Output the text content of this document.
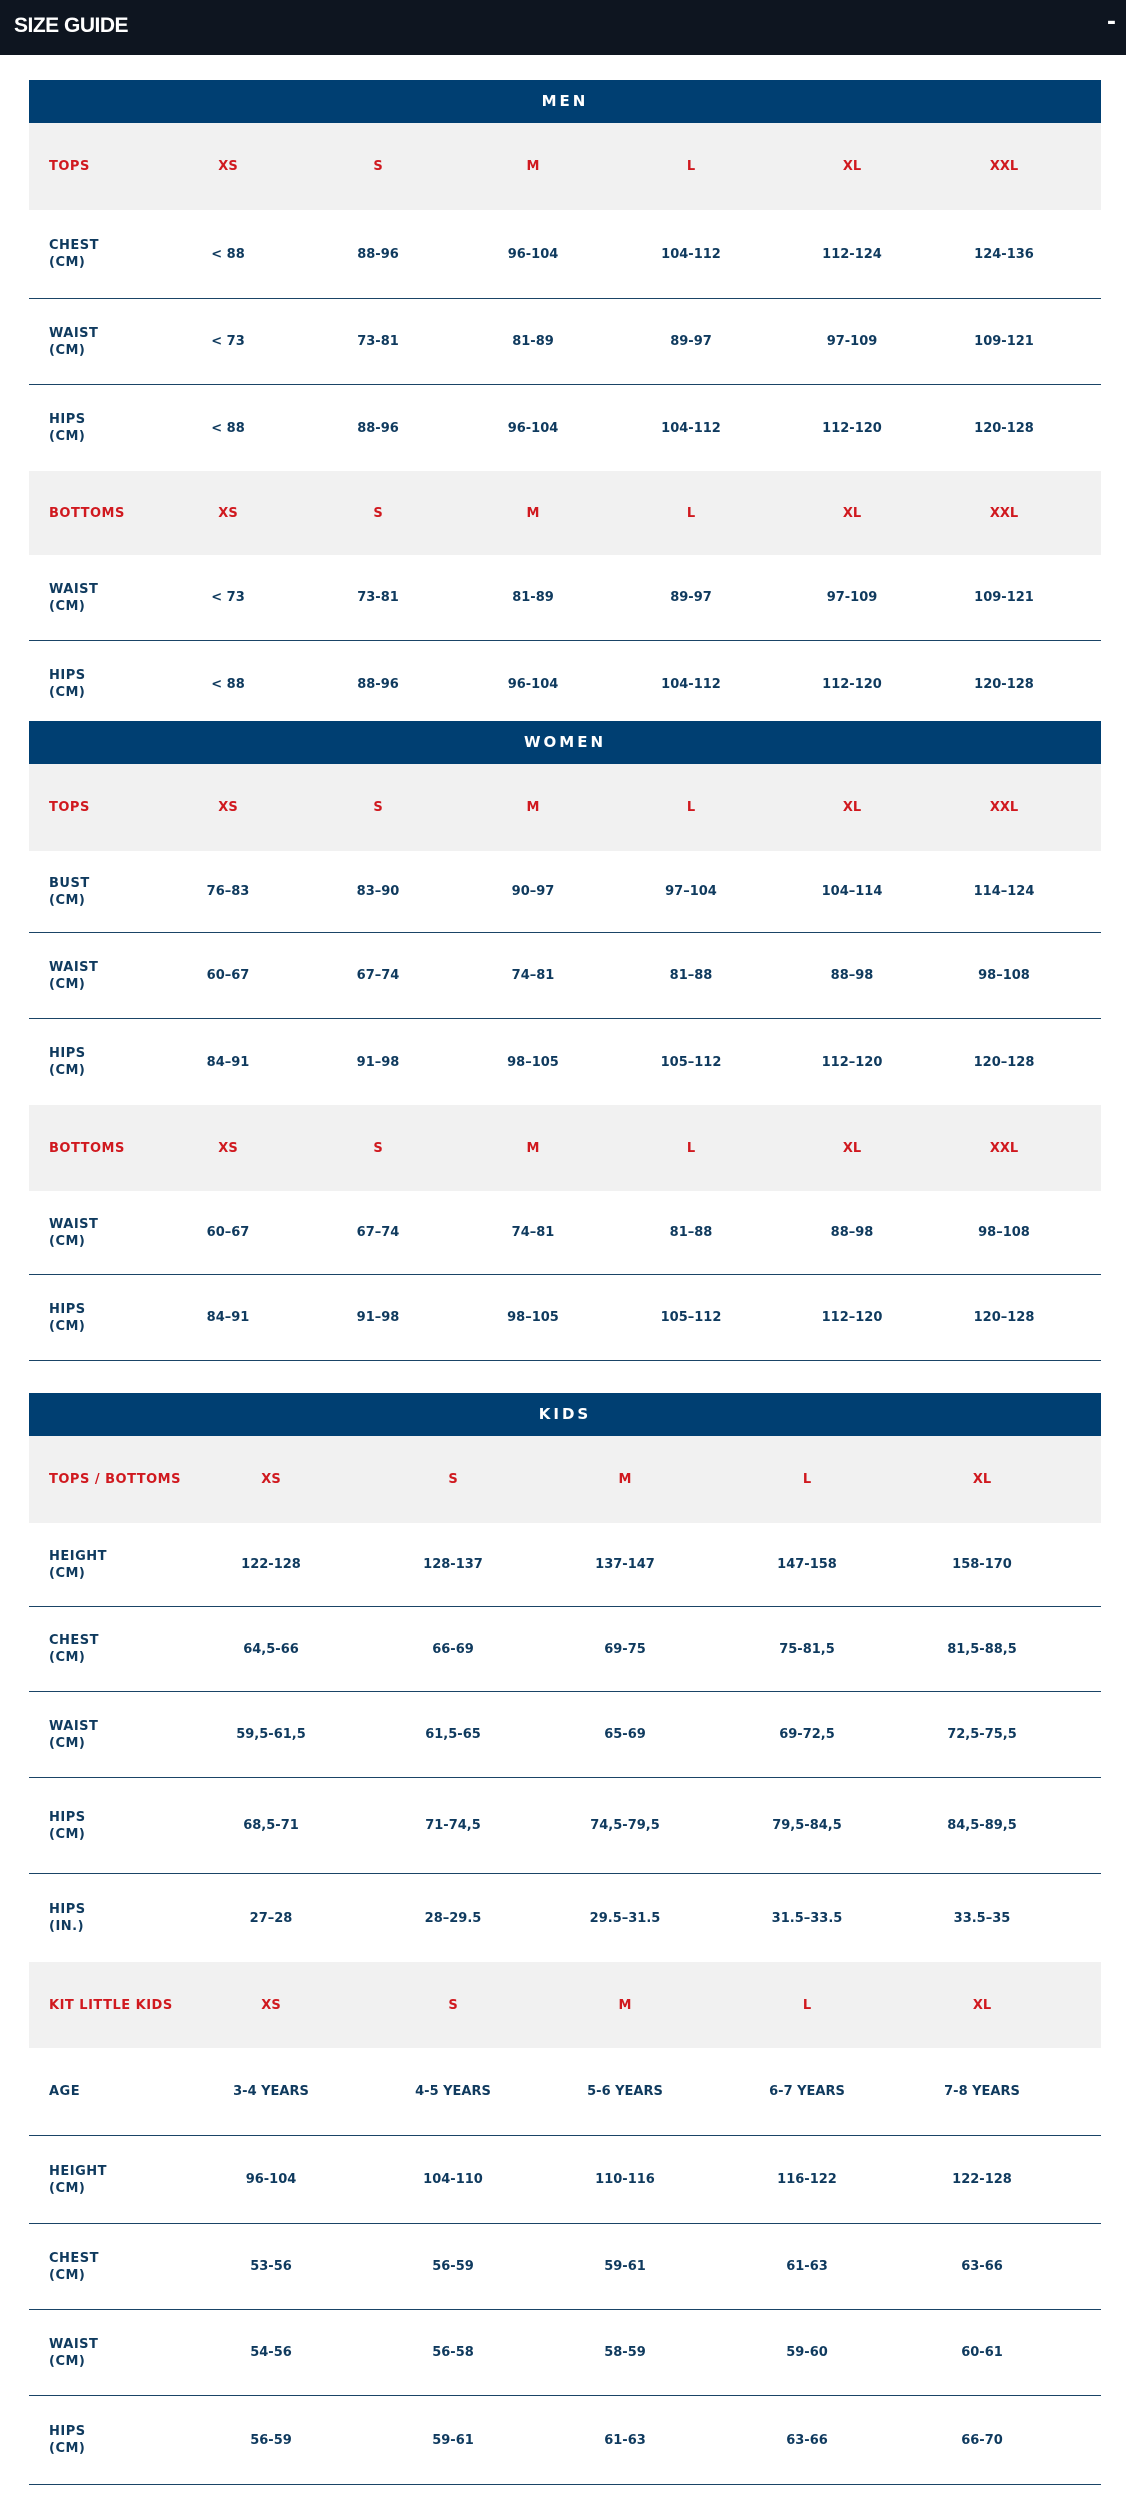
SIZE GUIDE	-
MEN
TOPS	XS	S	M	L	XL	XXL
CHEST
(CM)
< 88	88-96	96-104	104-112	112-124	124-136
WAIST
(CM)
< 73	73-81	81-89	89-97	97-109	109-121
HIPS
(CM)
< 88	88-96	96-104	104-112	112-120	120-128
BOTTOMS	XS	S	M	L	XL	XXL
WAIST
(CM)
< 73	73-81	81-89	89-97	97-109	109-121
HIPS
(CM)
< 88	88-96	96-104	104-112	112-120	120-128
WOMEN
TOPS	XS	S	M	L	XL	XXL
BUST
(CM)
76–83	83–90	90–97	97–104	104–114	114–124
WAIST
(CM)
60–67	67–74	74–81	81–88	88–98	98–108
HIPS
(CM)
84–91	91–98	98–105	105–112	112–120	120–128
BOTTOMS	XS	S	M	L	XL	XXL
WAIST
(CM)
60–67	67–74	74–81	81–88	88–98	98–108
HIPS
(CM)
84–91	91–98	98–105	105–112	112–120	120–128
KIDS
TOPS / BOTTOMS	XS	S	M	L	XL
HEIGHT
(CM)
122-128	128-137	137-147	147-158	158-170
CHEST
(CM)
64,5-66	66-69	69-75	75-81,5	81,5-88,5
WAIST
(CM)
59,5-61,5	61,5-65	65-69	69-72,5	72,5-75,5
HIPS
(CM)
68,5-71	71-74,5	74,5-79,5	79,5-84,5	84,5-89,5
HIPS
(IN.)
27–28	28–29.5	29.5–31.5	31.5–33.5	33.5–35
KIT LITTLE KIDS	XS	S	M	L	XL
AGE	3-4 YEARS	4-5 YEARS	5-6 YEARS	6-7 YEARS	7-8 YEARS
HEIGHT
(CM)
96-104	104-110	110-116	116-122	122-128
CHEST
(CM)
53-56	56-59	59-61	61-63	63-66
WAIST
(CM)
54-56	56-58	58-59	59-60	60-61
HIPS
(CM)
56-59	59-61	61-63	63-66	66-70
